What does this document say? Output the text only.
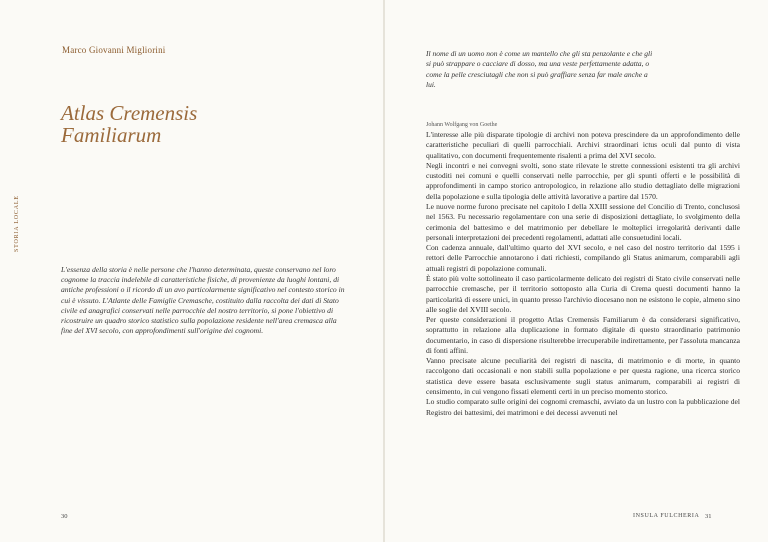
Marco Giovanni Migliorini
Atlas Cremensis
Familiarum
STORIA LOCALE

L'essenza della storia è nelle persone che l'hanno determinata, queste conservano nel loro cognome la traccia indelebile di caratteristiche fisiche, di provenienze da luoghi lontani, di antiche professioni o il ricordo di un avo particolarmente significativo nel contesto storico in cui è vissuto. L'Atlante delle Famiglie Cremasche, costituito dalla raccolta dei dati di Stato civile ed anagrafici conservati nelle parrocchie del nostro territorio, si pone l'obiettivo di ricostruire un quadro storico statistico sulla popolazione residente nell'area cremasca alla fine del XVI secolo, con approfondimenti sull'origine dei cognomi.

30
Il nome di un uomo non è come un mantello che gli sta penzolante e che gli si può strappare o cacciare di dosso, ma una veste perfettamente adatta, o come la pelle cresciutagli che non si può graffiare senza far male anche a lui.
Johann Wolfgang von Goethe

L'interesse alle più disparate tipologie di archivi non poteva prescindere da un approfondimento delle caratteristiche peculiari di quelli parrocchiali. Archivi straordinari ictus oculi dal punto di vista qualitativo, con documenti frequentemente risalenti a prima del XVI secolo.

Negli incontri e nei convegni svolti, sono state rilevate le strette connessioni esistenti tra gli archivi custoditi nei comuni e quelli conservati nelle parrocchie, per gli spunti offerti e le possibilità di approfondimenti in campo storico antropologico, in relazione allo studio dettagliato delle migrazioni della popolazione e sulla tipologia delle attività lavorative a partire dal 1570.

Le nuove norme furono precisate nel capitolo I della XXIII sessione del Concilio di Trento, conclusosi nel 1563. Fu necessario regolamentare con una serie di disposizioni dettagliate, lo svolgimento della cerimonia del battesimo e del matrimonio per debellare le molteplici irregolarità derivanti dalle personali interpretazioni dei precedenti regolamenti, adattati alle consuetudini locali.

Con cadenza annuale, dall'ultimo quarto del XVI secolo, e nel caso del nostro territorio dal 1595 i rettori delle Parrocchie annotarono i dati richiesti, compilando gli Status animarum, comparabili agli attuali registri di popolazione comunali.

È stato più volte sottolineato il caso particolarmente delicato dei registri di Stato civile conservati nelle parrocchie cremasche, per il territorio sottoposto alla Curia di Crema questi documenti hanno la particolarità di essere unici, in quanto presso l'archivio diocesano non ne esistono le copie, almeno sino alle soglie del XVIII secolo.

Per queste considerazioni il progetto Atlas Cremensis Familiarum è da considerarsi significativo, soprattutto in relazione alla duplicazione in formato digitale di questo straordinario patrimonio documentario, in caso di dispersione risulterebbe irrecuperabile indirettamente, per l'assoluta mancanza di fonti affini.

Vanno precisate alcune peculiarità dei registri di nascita, di matrimonio e di morte, in quanto raccolgono dati occasionali e non stabili sulla popolazione e per questa ragione, una ricerca storico statistica deve essere basata esclusivamente sugli status animarum, comparabili ai registri di censimento, in cui vengono fissati elementi certi in un preciso momento storico.

Lo studio comparato sulle origini dei cognomi cremaschi, avviato da un lustro con la pubblicazione del Registro dei battesimi, dei matrimoni e dei decessi avvenuti nel

INSULA FULCHERIA 31
